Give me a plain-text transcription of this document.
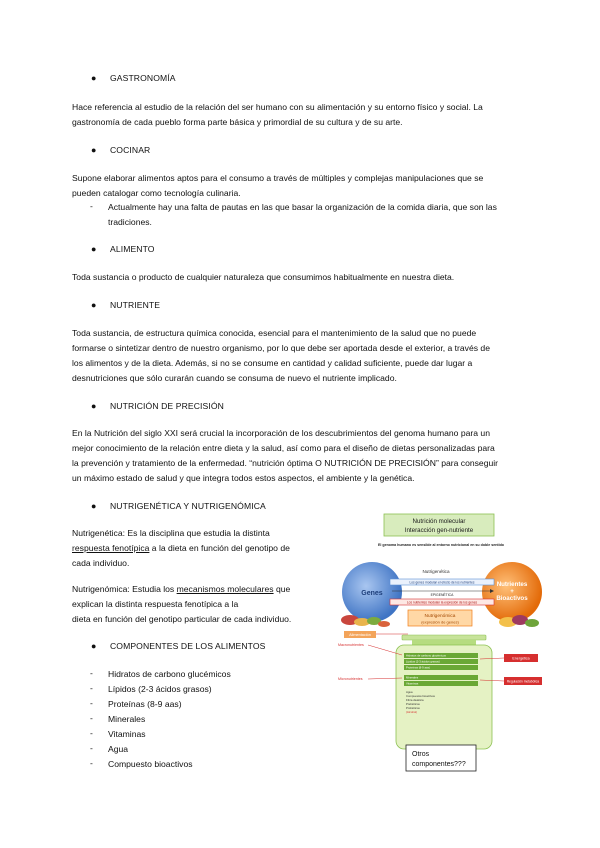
● GASTRONOMÍA
Hace referencia al estudio de la relación del ser humano con su alimentación y su entorno físico y social. La
gastronomía de cada pueblo forma parte básica y primordial de su cultura y de su arte.
● COCINAR
Supone elaborar alimentos aptos para el consumo a través de múltiples y complejas manipulaciones que se
pueden catalogar como tecnología culinaria.
- Actualmente hay una falta de pautas en las que basar la organización de la comida diaria, que son las
tradiciones.
● ALIMENTO
Toda sustancia o producto de cualquier naturaleza que consumimos habitualmente en nuestra dieta.
● NUTRIENTE
Toda sustancia, de estructura química conocida, esencial para el mantenimiento de la salud que no puede
formarse o sintetizar dentro de nuestro organismo, por lo que debe ser aportada desde el exterior, a través de
los alimentos y de la dieta. Además, si no se consume en cantidad y calidad suficiente, puede dar lugar a
desnutriciones que sólo curarán cuando se consuma de nuevo el nutriente implicado.
● NUTRICIÓN DE PRECISIÓN
En la Nutrición del siglo XXI será crucial la incorporación de los descubrimientos del genoma humano para un
mejor conocimiento de la relación entre dieta y la salud, así como para el diseño de dietas personalizadas para
la prevención y tratamiento de la enfermedad. “nutrición óptima O NUTRICIÓN DE PRECISIÓN” para conseguir
un máximo estado de salud y que integra todos estos aspectos, el ambiente y la genética.
● NUTRIGENÉTICA Y NUTRIGENÓMICA
Nutrigenética: Es la disciplina que estudia la distinta
respuesta fenotípica a la dieta en función del genotipo de
cada individuo.
Nutrigenómica: Estudia los mecanismos moleculares que
explican la distinta respuesta fenotípica a la
dieta en función del genotipo particular de cada individuo.
● COMPONENTES DE LOS ALIMENTOS
- Hidratos de carbono glucémicos
- Lípidos (2-3 ácidos grasos)
- Proteínas (8-9 aas)
- Minerales
- Vitaminas
- Agua
- Compuesto bioactivos
Nutrición molecular
Interacción gen-nutriente
El genoma humano es sensible al entorno nutricional en su doble sentido
Nutrigenética
Genes
Nutrientes
+
Bioactivos
Los genes modulan el efecto de los nutrientes
EPIGENÉTICA
Los nutrientes modulan la expresión de los genes
Nutrigenómica
(expresión de genes)
Alimentación
Hidratos de carbono glucémicos
Lípidos (2-3 ácidos grasos)
Proteínas (8-9 aas)
Minerales
Vitaminas
Agua
Compuestos bioactivos
Fibra dietética
Prebióticos
Probióticos
(Alcohol)
Macronutrientes
Micronutrientes
Energética
Regulación metabólica
Otros
componentes???
